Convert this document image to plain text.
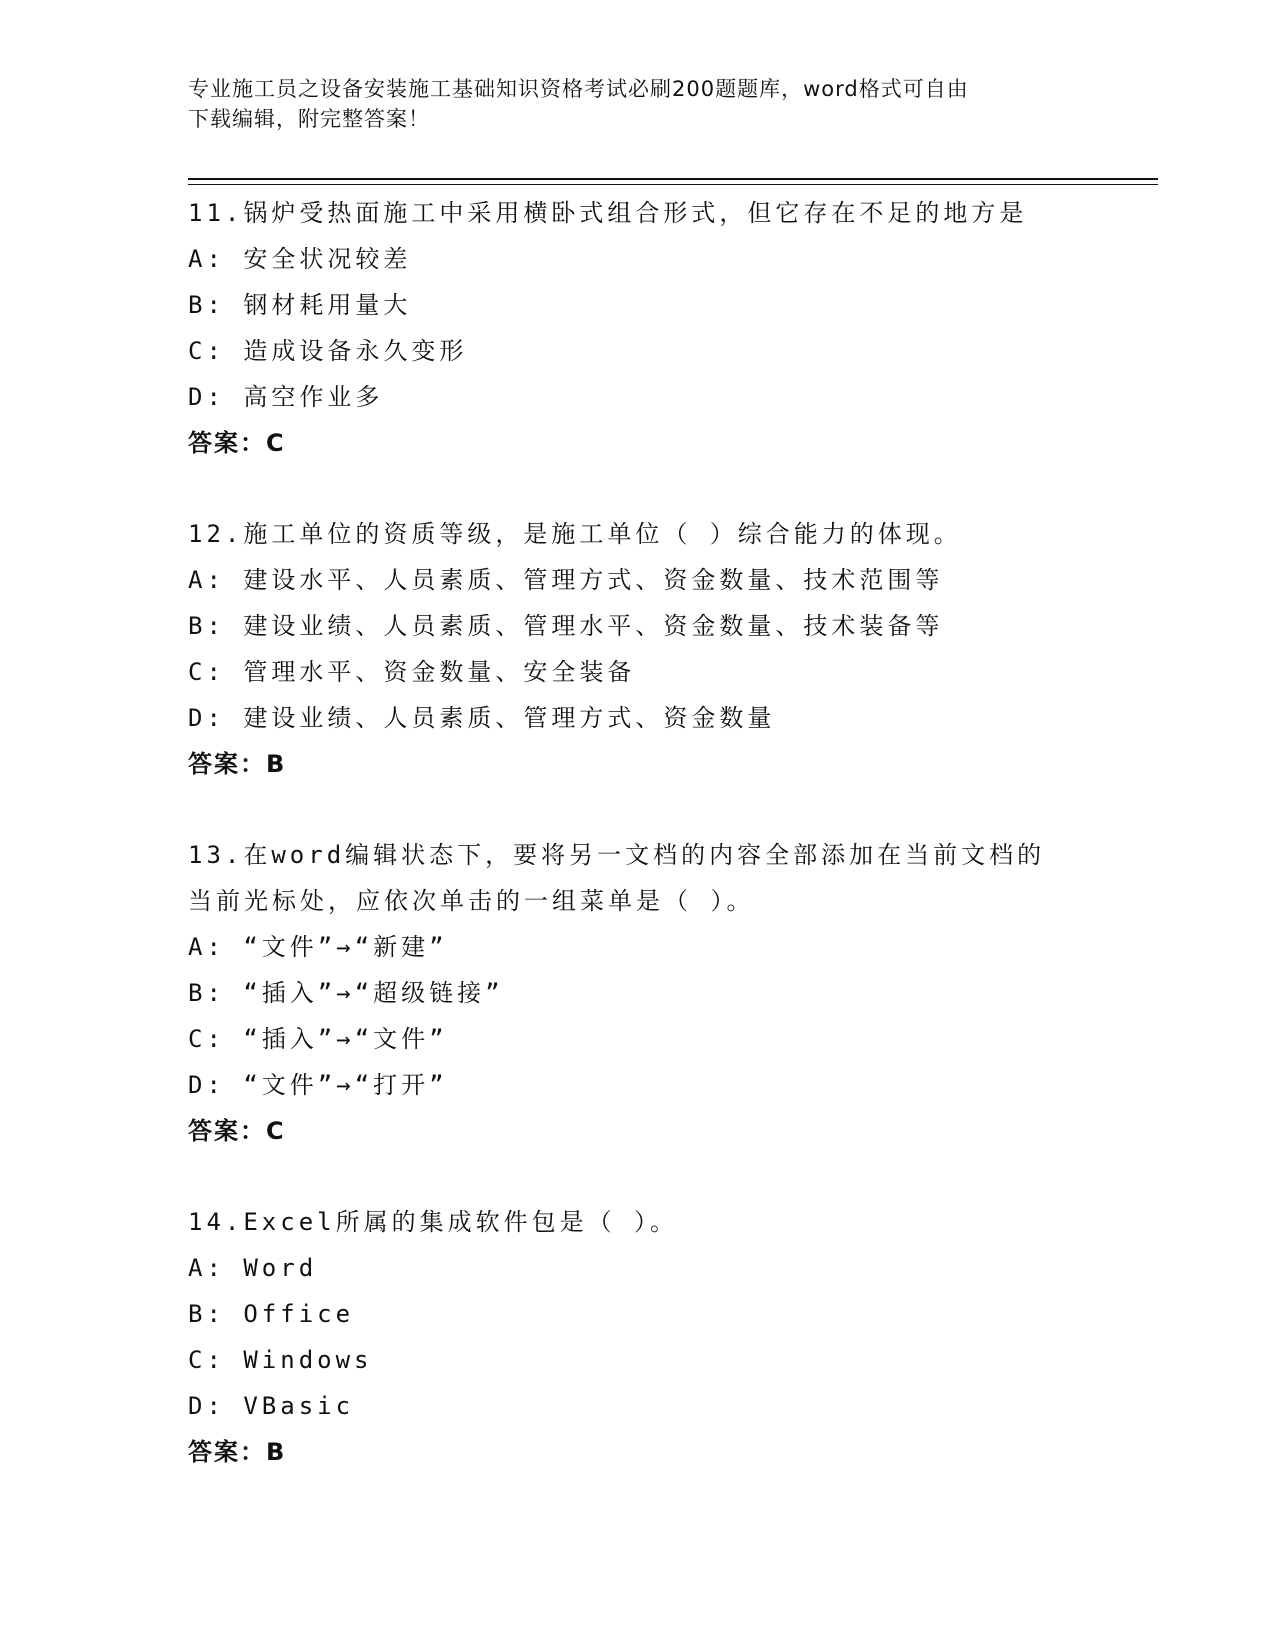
专业施工员之设备安装施工基础知识资格考试必刷200题题库，word格式可自由
下载编辑，附完整答案！
11.锅炉受热面施工中采用横卧式组合形式，但它存在不足的地方是
A: 安全状况较差
B: 钢材耗用量大
C: 造成设备永久变形
D: 高空作业多
答案：C
12.施工单位的资质等级，是施工单位（ ）综合能力的体现。
A: 建设水平、人员素质、管理方式、资金数量、技术范围等
B: 建设业绩、人员素质、管理水平、资金数量、技术装备等
C: 管理水平、资金数量、安全装备
D: 建设业绩、人员素质、管理方式、资金数量
答案：B
13.在word编辑状态下，要将另一文档的内容全部添加在当前文档的
当前光标处，应依次单击的一组菜单是（ ）。
A: “文件”→“新建”
B: “插入”→“超级链接”
C: “插入”→“文件”
D: “文件”→“打开”
答案：C
14.Excel所属的集成软件包是（ ）。
A: Word
B: Office
C: Windows
D: VBasic
答案：B
